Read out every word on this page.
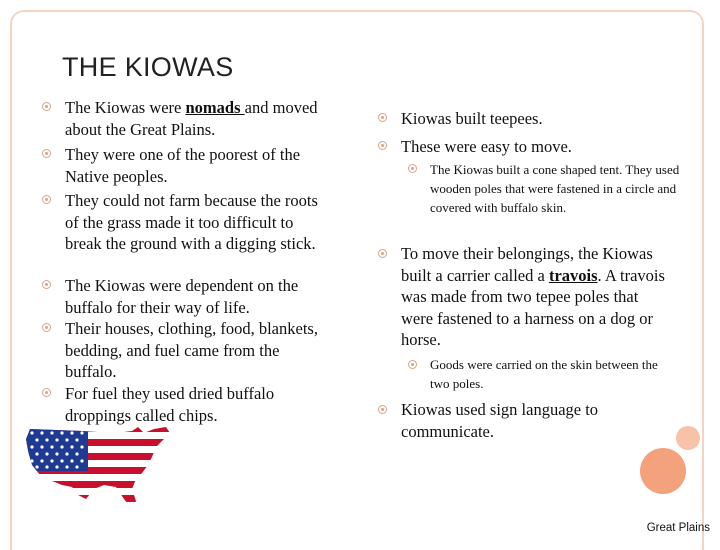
THE KIOWAS
The Kiowas were nomads and moved about the Great Plains.
They were one of the poorest of the Native peoples.
They could not farm because the roots of the grass made it too difficult to break the ground with a digging stick.
The Kiowas were dependent on the buffalo for their way of life.
Their houses, clothing, food, blankets, bedding, and fuel came from the buffalo.
For fuel they used dried buffalo droppings called chips.
Kiowas built teepees.
These were easy to move.
The Kiowas built a cone shaped tent. They used wooden poles that were fastened in a circle and covered with buffalo skin.
To move their belongings, the Kiowas built a carrier called a travois. A travois was made from two tepee poles that were fastened to a harness on a dog or horse.
Goods were carried on the skin between the two poles.
Kiowas used sign language to communicate.
Great Plains
